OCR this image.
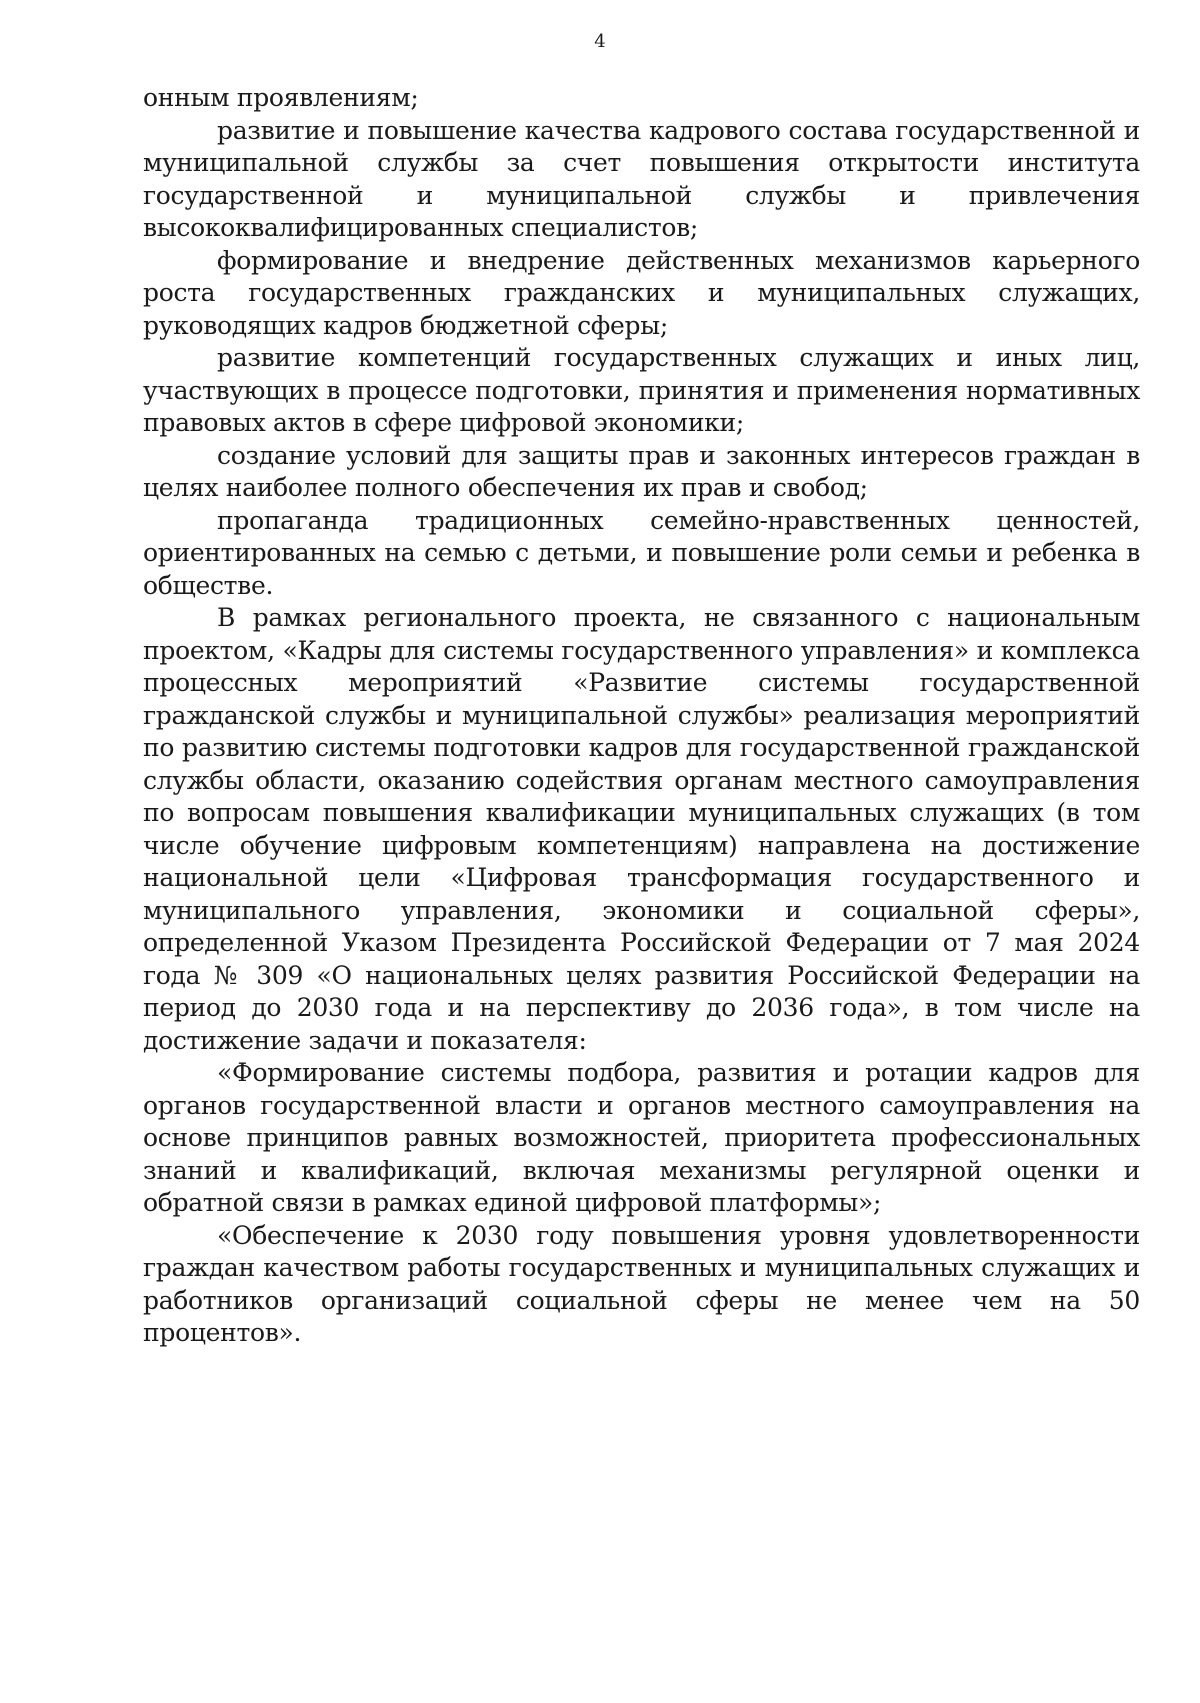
4

онным проявлениям;

развитие и повышение качества кадрового состава государственной и муниципальной службы за счет повышения открытости института государственной и муниципальной службы и привлечения высококвалифицированных специалистов;

формирование и внедрение действенных механизмов карьерного роста государственных гражданских и муниципальных служащих, руководящих кадров бюджетной сферы;

развитие компетенций государственных служащих и иных лиц, участвующих в процессе подготовки, принятия и применения нормативных правовых актов в сфере цифровой экономики;

создание условий для защиты прав и законных интересов граждан в целях наиболее полного обеспечения их прав и свобод;

пропаганда традиционных семейно-нравственных ценностей, ориентированных на семью с детьми, и повышение роли семьи и ребенка в обществе.

В рамках регионального проекта, не связанного с национальным проектом, «Кадры для системы государственного управления» и комплекса процессных мероприятий «Развитие системы государственной гражданской службы и муниципальной службы» реализация мероприятий по развитию системы подготовки кадров для государственной гражданской службы области, оказанию содействия органам местного самоуправления по вопросам повышения квалификации муниципальных служащих (в том числе обучение цифровым компетенциям) направлена на достижение национальной цели «Цифровая трансформация государственного и муниципального управления, экономики и социальной сферы», определенной Указом Президента Российской Федерации от 7 мая 2024 года № 309 «О национальных целях развития Российской Федерации на период до 2030 года и на перспективу до 2036 года», в том числе на достижение задачи и показателя:

«Формирование системы подбора, развития и ротации кадров для органов государственной власти и органов местного самоуправления на основе принципов равных возможностей, приоритета профессиональных знаний и квалификаций, включая механизмы регулярной оценки и обратной связи в рамках единой цифровой платформы»;

«Обеспечение к 2030 году повышения уровня удовлетворенности граждан качеством работы государственных и муниципальных служащих и работников организаций социальной сферы не менее чем на 50 процентов».
